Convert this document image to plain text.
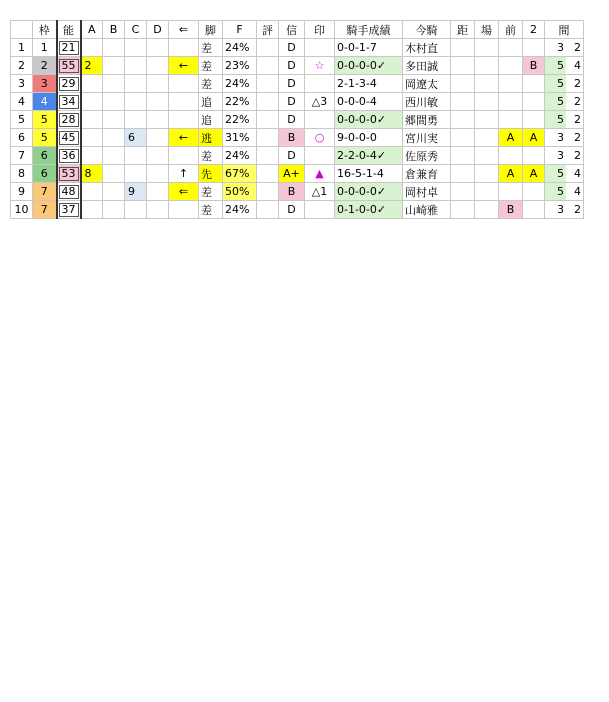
	枠	能	A	B	C	D	⇐	脚	F	評	信	印	騎手成績	今騎	距	場	前	2	間
1	1	21						差	24%		D		0-0-1-7	木村直					3 2

2	2	55	2				←	差	23%		D	☆	0-0-0-0✓	多田誠				B	5 4

3	3	29						差	24%		D		2-1-3-4	岡遼太					5 2

4	4	34						追	22%		D	△3	0-0-0-4	西川敏					5 2

5	5	28						追	22%		D		0-0-0-0✓	郷間勇					5 2

6	5	45			6		←	逃	31%		B	○	9-0-0-0	宮川実			A	A	3 2

7	6	36						差	24%		D		2-2-0-4✓	佐原秀					3 2

8	6	53	8				↑	先	67%		A+	▲	16-5-1-4	倉兼育			A	A	5 4

9	7	48			9		⇐	差	50%		B	△1	0-0-0-0✓	岡村卓					5 4

10	7	37						差	24%		D		0-1-0-0✓	山崎雅			B		3 2
